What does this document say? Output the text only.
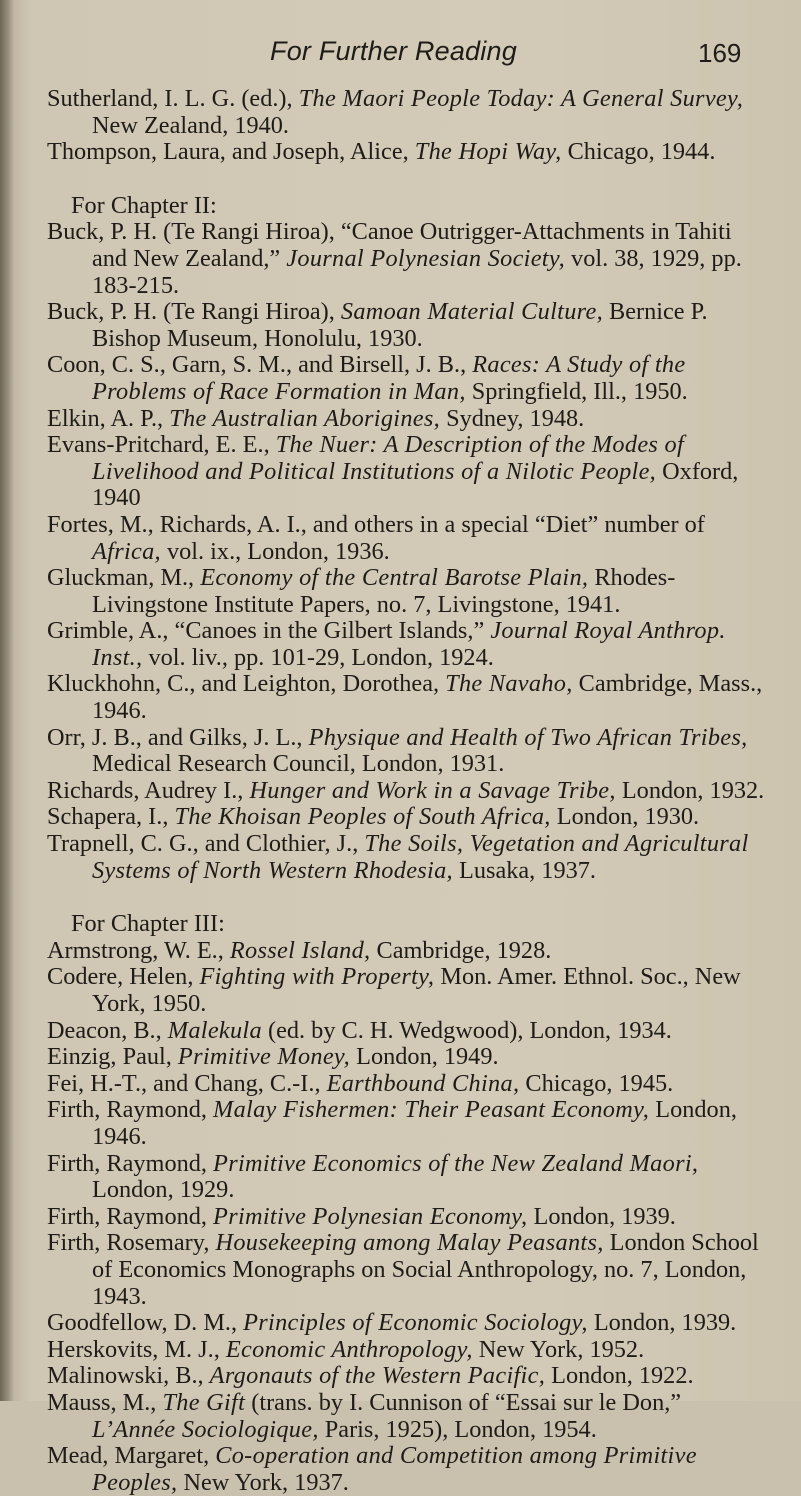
For Further Reading	169
Sutherland, I. L. G. (ed.), The Maori People Today: A General Survey, New Zealand, 1940.
Thompson, Laura, and Joseph, Alice, The Hopi Way, Chicago, 1944.
For Chapter II:
Buck, P. H. (Te Rangi Hiroa), “Canoe Outrigger-Attachments in Tahiti and New Zealand,” Journal Polynesian Society, vol. 38, 1929, pp. 183-215.
Buck, P. H. (Te Rangi Hiroa), Samoan Material Culture, Bernice P. Bishop Museum, Honolulu, 1930.
Coon, C. S., Garn, S. M., and Birsell, J. B., Races: A Study of the Problems of Race Formation in Man, Springfield, Ill., 1950.
Elkin, A. P., The Australian Aborigines, Sydney, 1948.
Evans-Pritchard, E. E., The Nuer: A Description of the Modes of Livelihood and Political Institutions of a Nilotic People, Oxford, 1940
Fortes, M., Richards, A. I., and others in a special “Diet” number of Africa, vol. ix., London, 1936.
Gluckman, M., Economy of the Central Barotse Plain, Rhodes-Livingstone Institute Papers, no. 7, Livingstone, 1941.
Grimble, A., “Canoes in the Gilbert Islands,” Journal Royal Anthrop. Inst., vol. liv., pp. 101-29, London, 1924.
Kluckhohn, C., and Leighton, Dorothea, The Navaho, Cambridge, Mass., 1946.
Orr, J. B., and Gilks, J. L., Physique and Health of Two African Tribes, Medical Research Council, London, 1931.
Richards, Audrey I., Hunger and Work in a Savage Tribe, London, 1932.
Schapera, I., The Khoisan Peoples of South Africa, London, 1930.
Trapnell, C. G., and Clothier, J., The Soils, Vegetation and Agricultural Systems of North Western Rhodesia, Lusaka, 1937.
For Chapter III:
Armstrong, W. E., Rossel Island, Cambridge, 1928.
Codere, Helen, Fighting with Property, Mon. Amer. Ethnol. Soc., New York, 1950.
Deacon, B., Malekula (ed. by C. H. Wedgwood), London, 1934.
Einzig, Paul, Primitive Money, London, 1949.
Fei, H.-T., and Chang, C.-I., Earthbound China, Chicago, 1945.
Firth, Raymond, Malay Fishermen: Their Peasant Economy, London, 1946.
Firth, Raymond, Primitive Economics of the New Zealand Maori, London, 1929.
Firth, Raymond, Primitive Polynesian Economy, London, 1939.
Firth, Rosemary, Housekeeping among Malay Peasants, London School of Economics Monographs on Social Anthropology, no. 7, London, 1943.
Goodfellow, D. M., Principles of Economic Sociology, London, 1939.
Herskovits, M. J., Economic Anthropology, New York, 1952.
Malinowski, B., Argonauts of the Western Pacific, London, 1922.
Mauss, M., The Gift (trans. by I. Cunnison of “Essai sur le Don,” L’Année Sociologique, Paris, 1925), London, 1954.
Mead, Margaret, Co-operation and Competition among Primitive Peoples, New York, 1937.
